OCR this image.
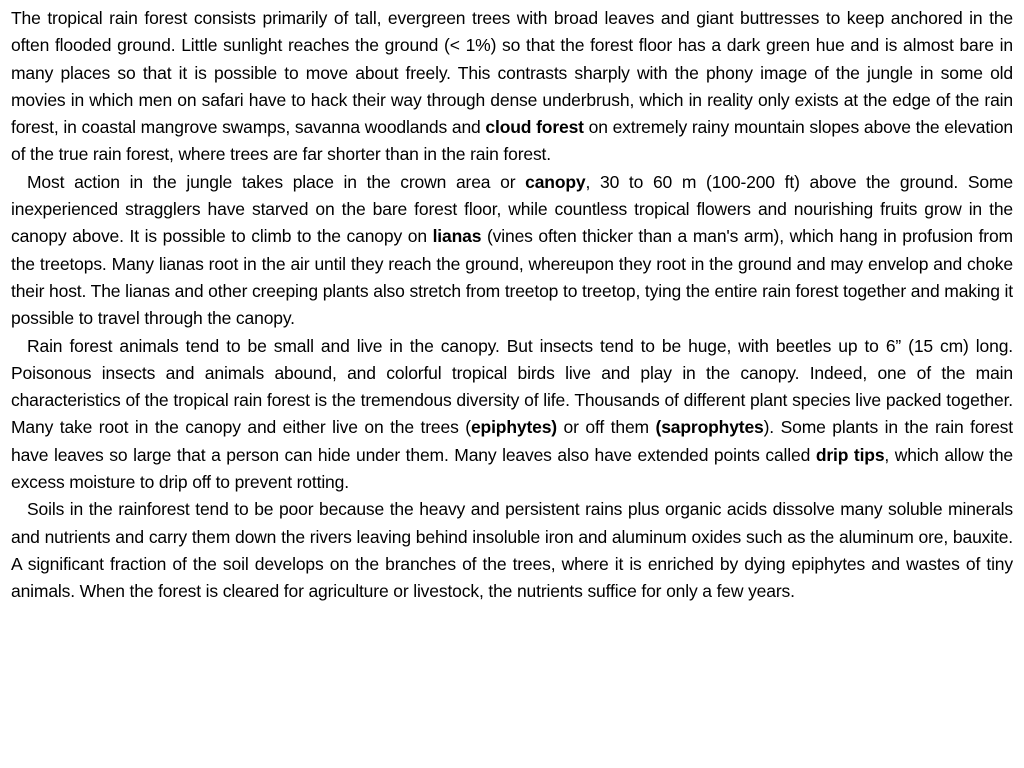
The tropical rain forest consists primarily of tall, evergreen trees with broad leaves and giant buttresses to keep anchored in the often flooded ground. Little sunlight reaches the ground (< 1%) so that the forest floor has a dark green hue and is almost bare in many places so that it is possible to move about freely. This contrasts sharply with the phony image of the jungle in some old movies in which men on safari have to hack their way through dense underbrush, which in reality only exists at the edge of the rain forest, in coastal mangrove swamps, savanna woodlands and cloud forest on extremely rainy mountain slopes above the elevation of the true rain forest, where trees are far shorter than in the rain forest.

Most action in the jungle takes place in the crown area or canopy, 30 to 60 m (100-200 ft) above the ground. Some inexperienced stragglers have starved on the bare forest floor, while countless tropical flowers and nourishing fruits grow in the canopy above. It is possible to climb to the canopy on lianas (vines often thicker than a man's arm), which hang in profusion from the treetops. Many lianas root in the air until they reach the ground, whereupon they root in the ground and may envelop and choke their host. The lianas and other creeping plants also stretch from treetop to treetop, tying the entire rain forest together and making it possible to travel through the canopy.

Rain forest animals tend to be small and live in the canopy. But insects tend to be huge, with beetles up to 6” (15 cm) long. Poisonous insects and animals abound, and colorful tropical birds live and play in the canopy. Indeed, one of the main characteristics of the tropical rain forest is the tremendous diversity of life. Thousands of different plant species live packed together. Many take root in the canopy and either live on the trees (epiphytes) or off them (saprophytes). Some plants in the rain forest have leaves so large that a person can hide under them. Many leaves also have extended points called drip tips, which allow the excess moisture to drip off to prevent rotting.

Soils in the rainforest tend to be poor because the heavy and persistent rains plus organic acids dissolve many soluble minerals and nutrients and carry them down the rivers leaving behind insoluble iron and aluminum oxides such as the aluminum ore, bauxite. A significant fraction of the soil develops on the branches of the trees, where it is enriched by dying epiphytes and wastes of tiny animals. When the forest is cleared for agriculture or livestock, the nutrients suffice for only a few years.
